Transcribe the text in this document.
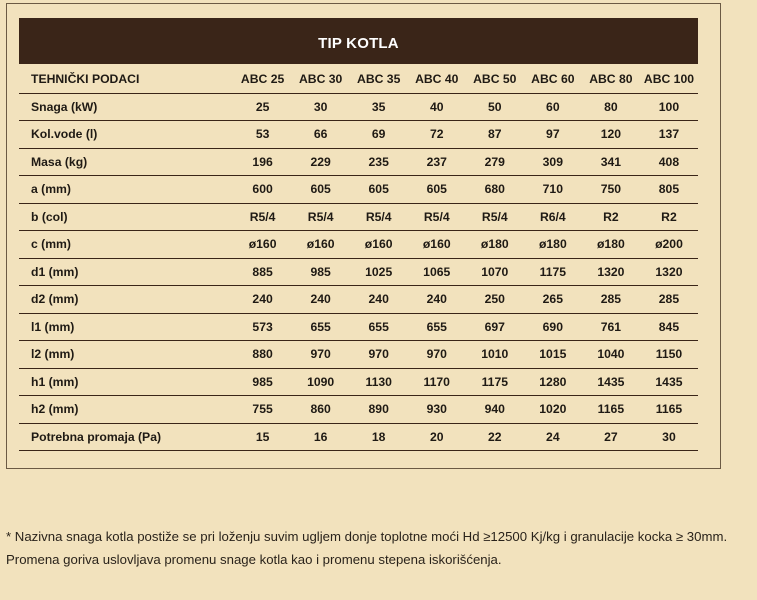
TIP KOTLA
TEHNIČKI PODACI	ABC 25	ABC 30	ABC 35	ABC 40	ABC 50	ABC 60	ABC 80	ABC 100
Snaga (kW)	25	30	35	40	50	60	80	100
Kol.vode (l)	53	66	69	72	87	97	120	137
Masa (kg)	196	229	235	237	279	309	341	408
a (mm)	600	605	605	605	680	710	750	805
b (col)	R5/4	R5/4	R5/4	R5/4	R5/4	R6/4	R2	R2
c (mm)	ø160	ø160	ø160	ø160	ø180	ø180	ø180	ø200
d1 (mm)	885	985	1025	1065	1070	1175	1320	1320
d2 (mm)	240	240	240	240	250	265	285	285
l1 (mm)	573	655	655	655	697	690	761	845
l2 (mm)	880	970	970	970	1010	1015	1040	1150
h1 (mm)	985	1090	1130	1170	1175	1280	1435	1435
h2 (mm)	755	860	890	930	940	1020	1165	1165
Potrebna promaja (Pa)	15	16	18	20	22	24	27	30
* Nazivna snaga kotla postiže se pri loženju suvim ugljem donje toplotne moći Hd ≥12500 Kj/kg i granulacije kocka ≥ 30mm. Promena goriva uslovljava promenu snage kotla kao i promenu stepena iskorišćenja.
